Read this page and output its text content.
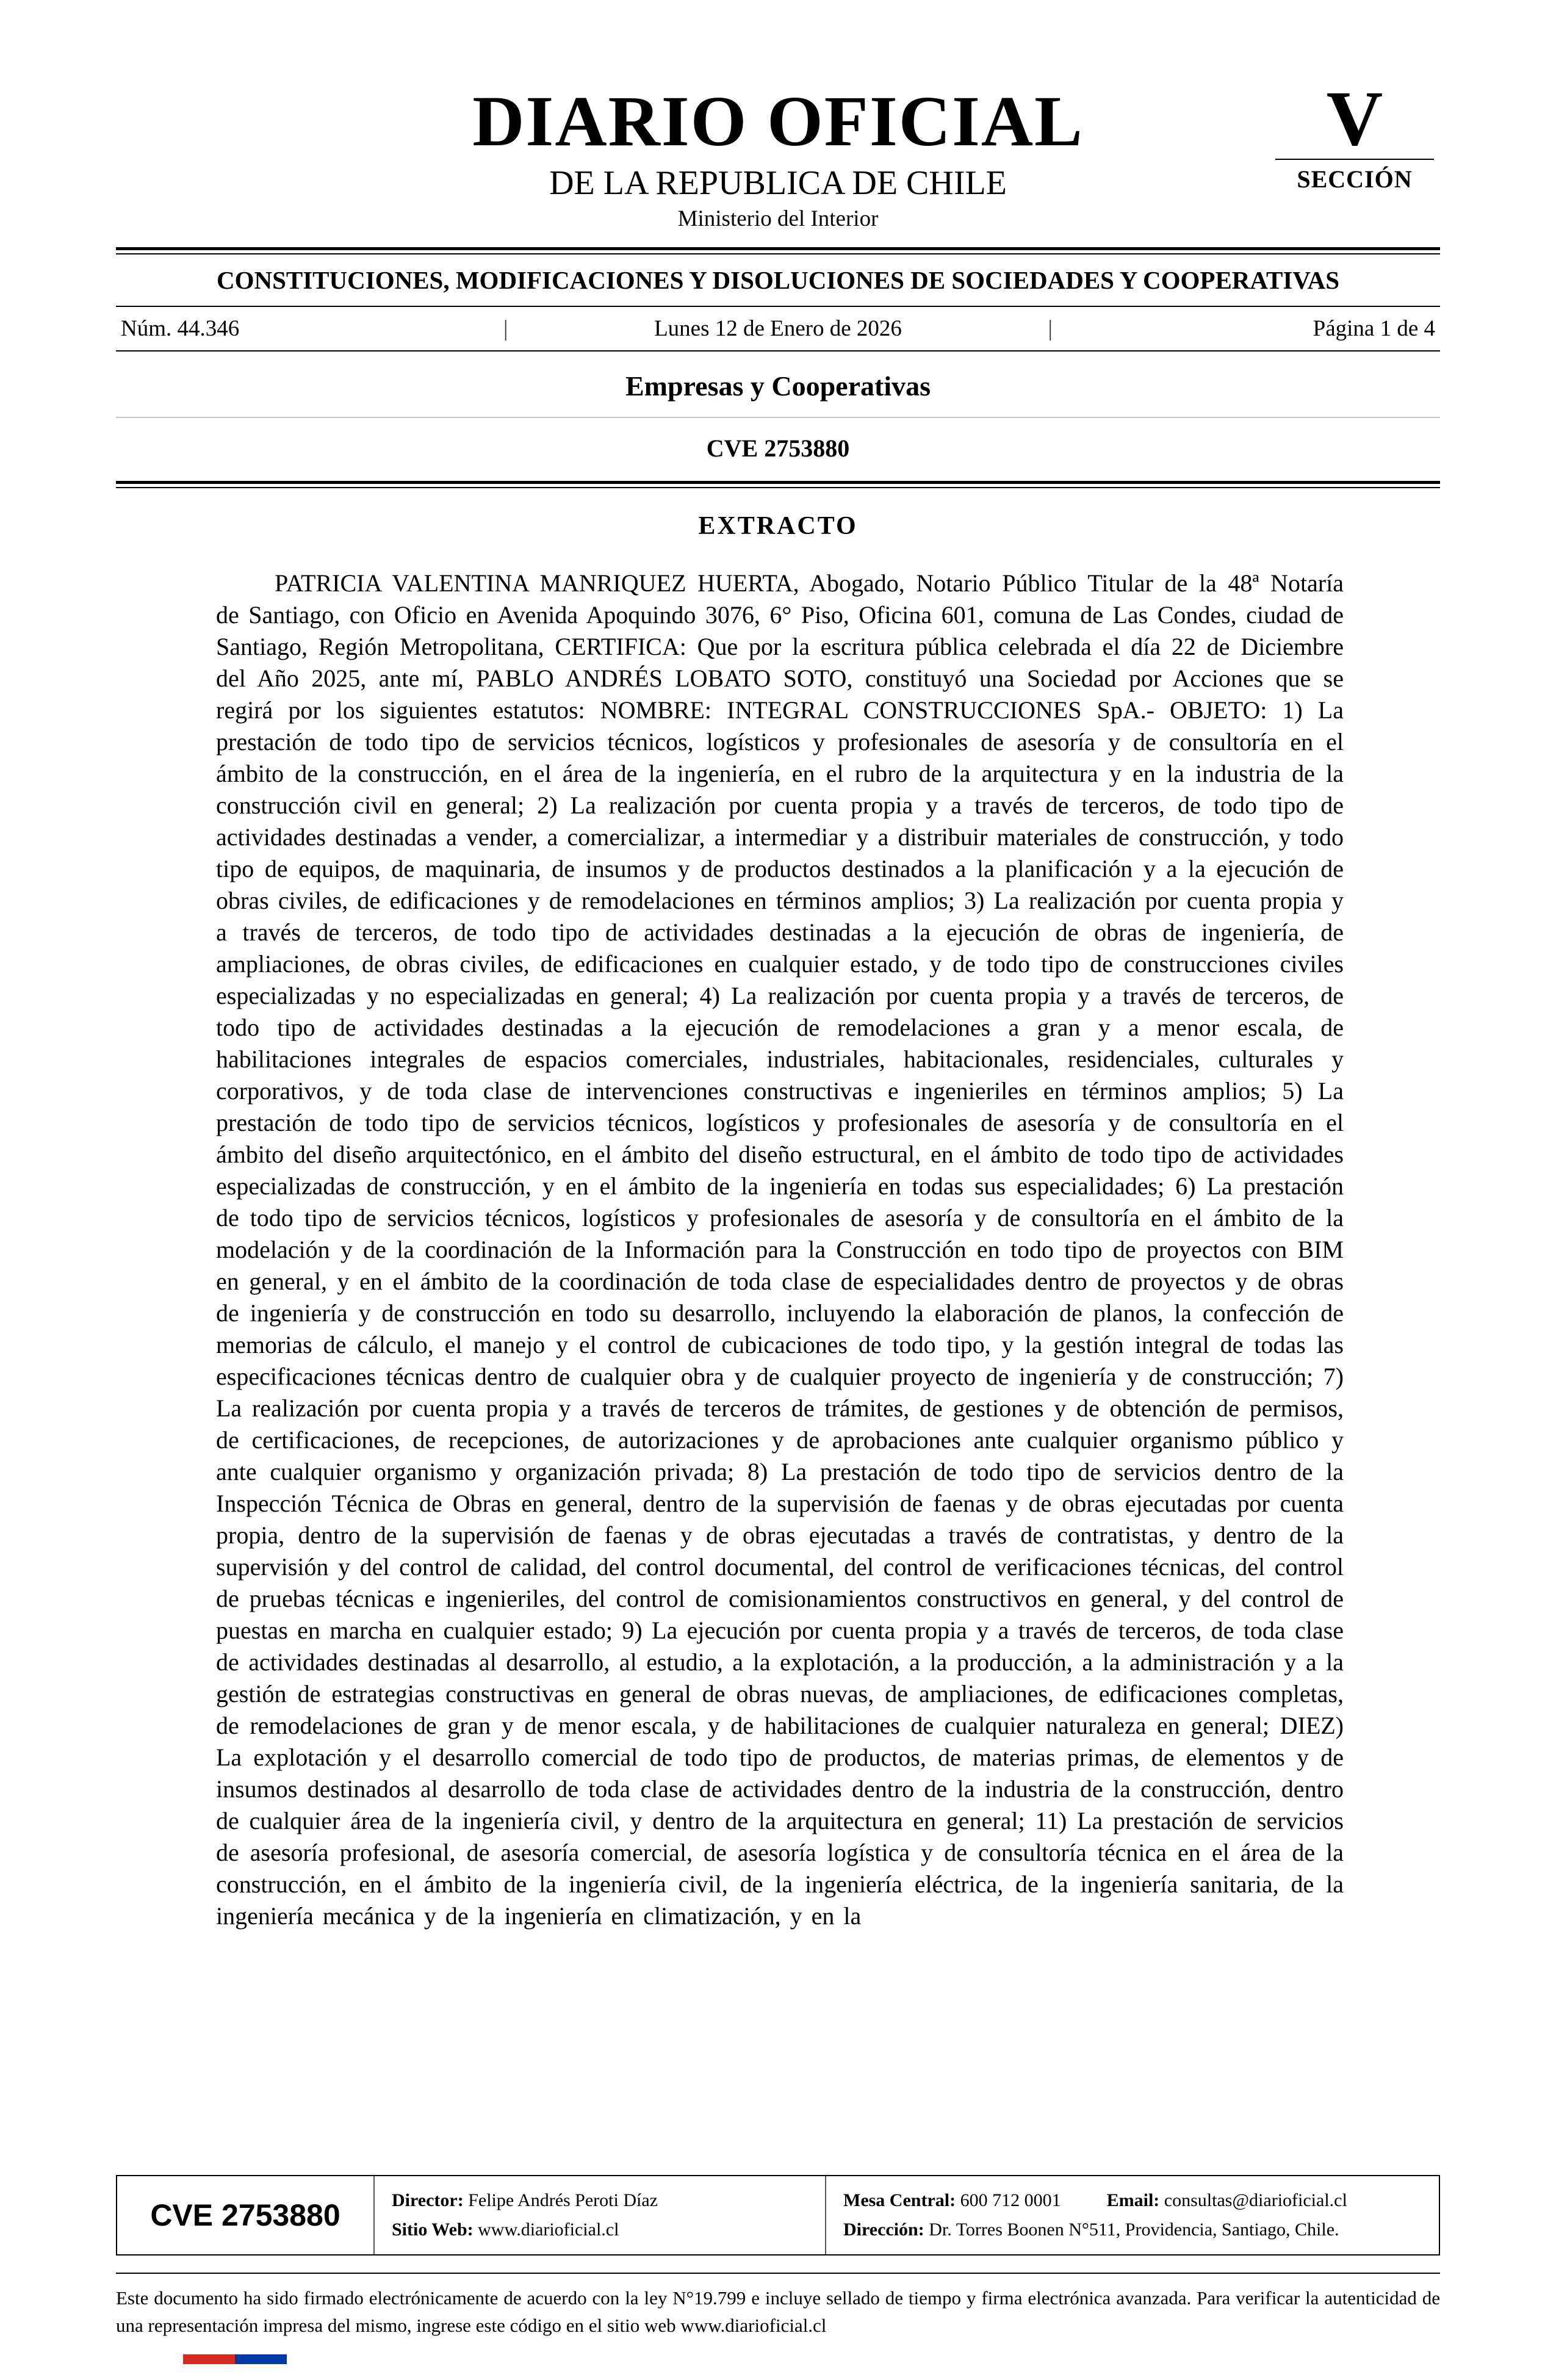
DIARIO OFICIAL
DE LA REPUBLICA DE CHILE
Ministerio del Interior
V
SECCIÓN
CONSTITUCIONES, MODIFICACIONES Y DISOLUCIONES DE SOCIEDADES Y COOPERATIVAS
Núm. 44.346	|	Lunes 12 de Enero de 2026	|	Página 1 de 4
Empresas y Cooperativas
CVE 2753880
EXTRACTO

PATRICIA VALENTINA MANRIQUEZ HUERTA, Abogado, Notario Público Titular de la 48ª Notaría de Santiago, con Oficio en Avenida Apoquindo 3076, 6° Piso, Oficina 601, comuna de Las Condes, ciudad de Santiago, Región Metropolitana, CERTIFICA: Que por la escritura pública celebrada el día 22 de Diciembre del Año 2025, ante mí, PABLO ANDRÉS LOBATO SOTO, constituyó una Sociedad por Acciones que se regirá por los siguientes estatutos: NOMBRE: INTEGRAL CONSTRUCCIONES SpA.- OBJETO: 1) La prestación de todo tipo de servicios técnicos, logísticos y profesionales de asesoría y de consultoría en el ámbito de la construcción, en el área de la ingeniería, en el rubro de la arquitectura y en la industria de la construcción civil en general; 2) La realización por cuenta propia y a través de terceros, de todo tipo de actividades destinadas a vender, a comercializar, a intermediar y a distribuir materiales de construcción, y todo tipo de equipos, de maquinaria, de insumos y de productos destinados a la planificación y a la ejecución de obras civiles, de edificaciones y de remodelaciones en términos amplios; 3) La realización por cuenta propia y a través de terceros, de todo tipo de actividades destinadas a la ejecución de obras de ingeniería, de ampliaciones, de obras civiles, de edificaciones en cualquier estado, y de todo tipo de construcciones civiles especializadas y no especializadas en general; 4) La realización por cuenta propia y a través de terceros, de todo tipo de actividades destinadas a la ejecución de remodelaciones a gran y a menor escala, de habilitaciones integrales de espacios comerciales, industriales, habitacionales, residenciales, culturales y corporativos, y de toda clase de intervenciones constructivas e ingenieriles en términos amplios; 5) La prestación de todo tipo de servicios técnicos, logísticos y profesionales de asesoría y de consultoría en el ámbito del diseño arquitectónico, en el ámbito del diseño estructural, en el ámbito de todo tipo de actividades especializadas de construcción, y en el ámbito de la ingeniería en todas sus especialidades; 6) La prestación de todo tipo de servicios técnicos, logísticos y profesionales de asesoría y de consultoría en el ámbito de la modelación y de la coordinación de la Información para la Construcción en todo tipo de proyectos con BIM en general, y en el ámbito de la coordinación de toda clase de especialidades dentro de proyectos y de obras de ingeniería y de construcción en todo su desarrollo, incluyendo la elaboración de planos, la confección de memorias de cálculo, el manejo y el control de cubicaciones de todo tipo, y la gestión integral de todas las especificaciones técnicas dentro de cualquier obra y de cualquier proyecto de ingeniería y de construcción; 7) La realización por cuenta propia y a través de terceros de trámites, de gestiones y de obtención de permisos, de certificaciones, de recepciones, de autorizaciones y de aprobaciones ante cualquier organismo público y ante cualquier organismo y organización privada; 8) La prestación de todo tipo de servicios dentro de la Inspección Técnica de Obras en general, dentro de la supervisión de faenas y de obras ejecutadas por cuenta propia, dentro de la supervisión de faenas y de obras ejecutadas a través de contratistas, y dentro de la supervisión y del control de calidad, del control documental, del control de verificaciones técnicas, del control de pruebas técnicas e ingenieriles, del control de comisionamientos constructivos en general, y del control de puestas en marcha en cualquier estado; 9) La ejecución por cuenta propia y a través de terceros, de toda clase de actividades destinadas al desarrollo, al estudio, a la explotación, a la producción, a la administración y a la gestión de estrategias constructivas en general de obras nuevas, de ampliaciones, de edificaciones completas, de remodelaciones de gran y de menor escala, y de habilitaciones de cualquier naturaleza en general; DIEZ) La explotación y el desarrollo comercial de todo tipo de productos, de materias primas, de elementos y de insumos destinados al desarrollo de toda clase de actividades dentro de la industria de la construcción, dentro de cualquier área de la ingeniería civil, y dentro de la arquitectura en general; 11) La prestación de servicios de asesoría profesional, de asesoría comercial, de asesoría logística y de consultoría técnica en el área de la construcción, en el ámbito de la ingeniería civil, de la ingeniería eléctrica, de la ingeniería sanitaria, de la ingeniería mecánica y de la ingeniería en climatización, y en la

CVE 2753880	Director: Felipe Andrés Peroti Díaz
Sitio Web: www.diarioficial.cl
Mesa Central: 600 712 0001	Email: consultas@diarioficial.cl
Dirección: Dr. Torres Boonen N°511, Providencia, Santiago, Chile.

Este documento ha sido firmado electrónicamente de acuerdo con la ley N°19.799 e incluye sellado de tiempo y firma electrónica avanzada. Para verificar la autenticidad de una representación impresa del mismo, ingrese este código en el sitio web www.diarioficial.cl
